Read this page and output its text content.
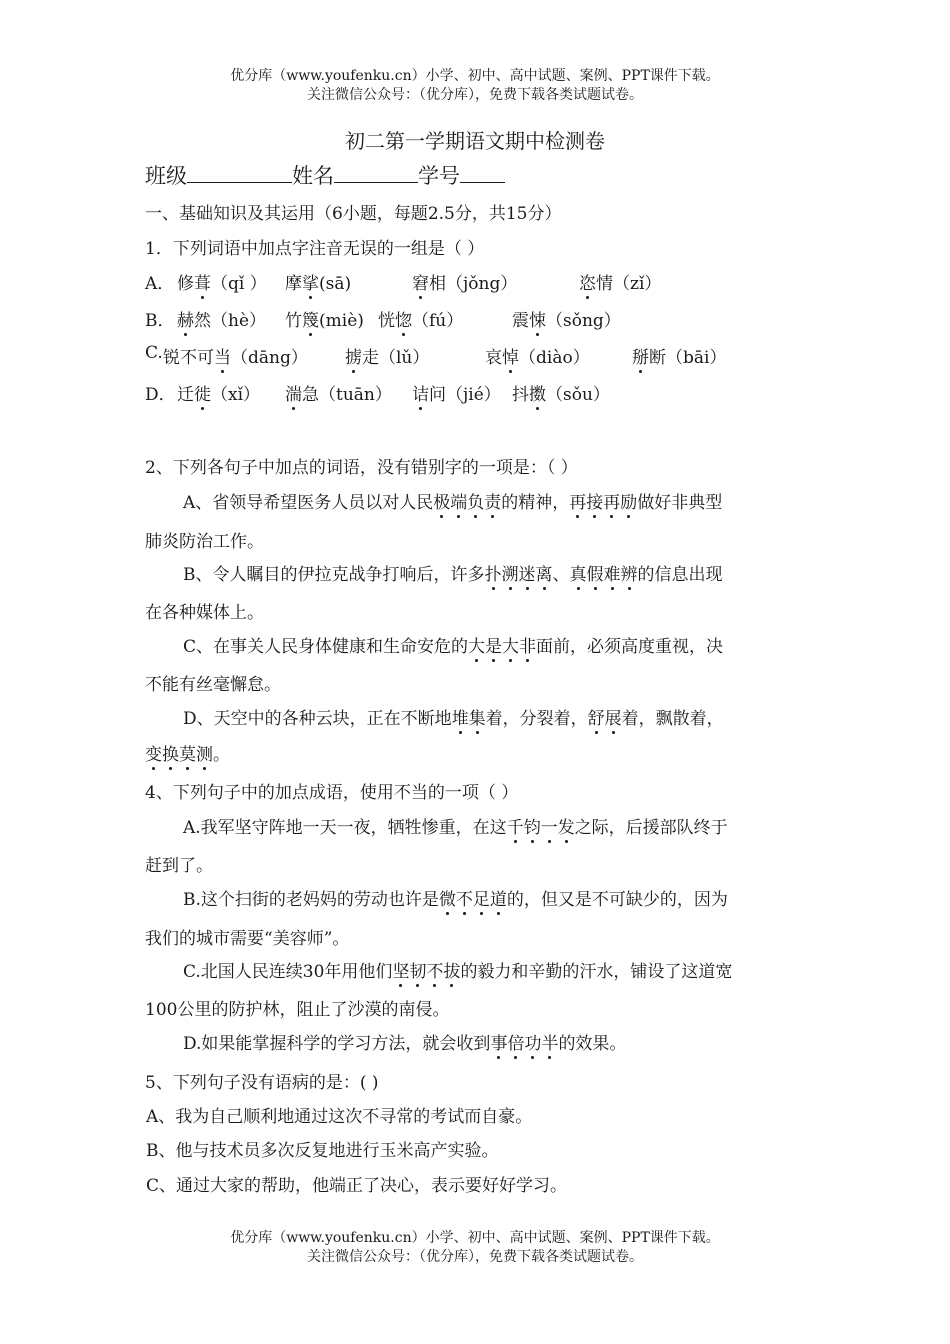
优分库（www.youfenku.cn）小学、初中、高中试题、案例、PPT课件下载。
关注微信公众号：（优分库），免费下载各类试题试卷。
初二第一学期语文期中检测卷
班级	姓名	学号
一、基础知识及其运用（6小题，每题2.5分，共15分）
1．下列词语中加点字注音无误的一组是（ ）
A． 修葺（qǐ ） 摩挲(sā)	窘相（jǒng）	恣情（zǐ）
B． 赫然（hè） 竹篾(miè) 恍惚（fú）	震悚（sǒng）
C. 锐不可当（dāng） 掳走（lǔ）	哀悼（diào） 掰断（bāi）
D． 迁徙（xǐ） 湍急（tuān） 诘问（jié） 抖擞（sǒu）
2、下列各句子中加点的词语，没有错别字的一项是：（ ）
A、省领导希望医务人员以对人民极端负责的精神，再接再励做好非典型
肺炎防治工作。
B、令人瞩目的伊拉克战争打响后，许多扑溯迷离、真假难辨的信息出现
在各种媒体上。
C、在事关人民身体健康和生命安危的大是大非面前，必须高度重视，决
不能有丝毫懈怠。
D、天空中的各种云块，正在不断地堆集着，分裂着，舒展着，飘散着，
变换莫测。
4、下列句子中的加点成语，使用不当的一项（ ）
A.我军坚守阵地一天一夜，牺牲惨重，在这千钧一发之际，后援部队终于
赶到了。
B.这个扫街的老妈妈的劳动也许是微不足道的，但又是不可缺少的，因为
我们的城市需要“美容师”。
C.北国人民连续30年用他们坚韧不拔的毅力和辛勤的汗水，铺设了这道宽
100公里的防护林，阻止了沙漠的南侵。
D.如果能掌握科学的学习方法，就会收到事倍功半的效果。
5、下列句子没有语病的是：( )
A、我为自己顺利地通过这次不寻常的考试而自豪。
B、他与技术员多次反复地进行玉米高产实验。
C、通过大家的帮助，他端正了决心，表示要好好学习。
优分库（www.youfenku.cn）小学、初中、高中试题、案例、PPT课件下载。
关注微信公众号：（优分库），免费下载各类试题试卷。
